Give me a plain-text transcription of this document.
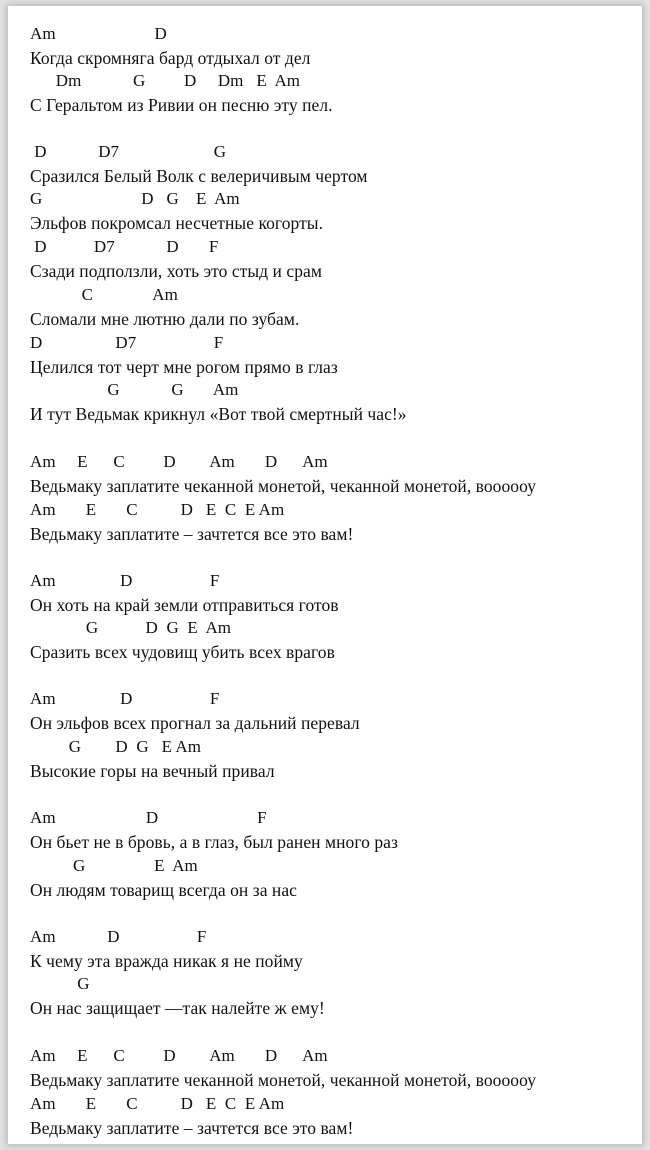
Am                       D
Когда скромняга бард отдыхал от дел
Dm            G         D     Dm   E  Am
С Геральтом из Ривии он песню эту пел.
D            D7                      G
Сразился Белый Волк с велеричивым чертом
G                       D   G    E  Am
Эльфов покромсал несчетные когорты.
D           D7            D       F
Сзади подползли, хоть это стыд и срам
C              Am
Сломали мне лютню дали по зубам.
D                 D7                  F
Целился тот черт мне рогом прямо в глаз
G            G       Am
И тут Ведьмак крикнул «Вот твой смертный час!»
Am     E      C         D        Am       D      Am
Ведьмаку заплатите чеканной монетой, чеканной монетой, воооооу
Am       E       C          D   E  C  E Am
Ведьмаку заплатите – зачтется все это вам!
Am               D                  F
Он хоть на край земли отправиться готов
G           D  G  E  Am
Сразить всех чудовищ убить всех врагов
Am               D                  F
Он эльфов всех прогнал за дальний перевал
G        D  G   E Am
Высокие горы на вечный привал
Am                     D                       F
Он бьет не в бровь, а в глаз, был ранен много раз
G                E  Am
Он людям товарищ всегда он за нас
Am            D                  F
К чему эта вражда никак я не пойму
G
Он нас защищает —так налейте ж ему!
Am     E      C         D        Am       D      Am
Ведьмаку заплатите чеканной монетой, чеканной монетой, воооооу
Am       E       C          D   E  C  E Am
Ведьмаку заплатите – зачтется все это вам!
